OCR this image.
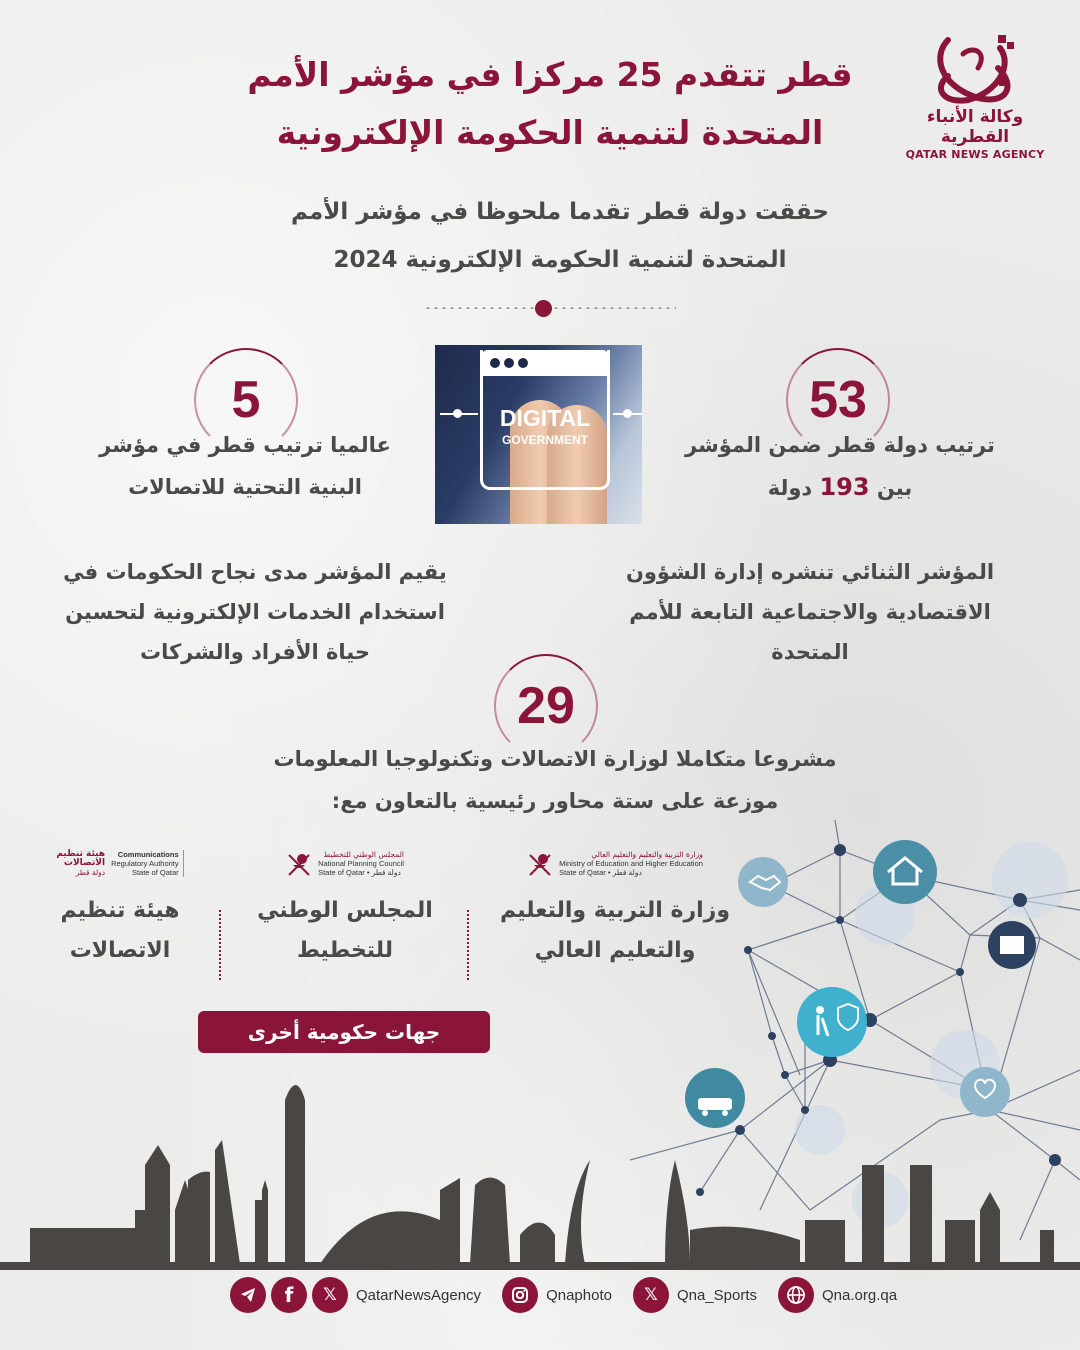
وكالة الأنباء القطرية
QATAR NEWS AGENCY
قطر تتقدم 25 مركزا في مؤشر الأمم
المتحدة لتنمية الحكومة الإلكترونية
حققت دولة قطر تقدما ملحوظا في مؤشر الأمم
المتحدة لتنمية الحكومة الإلكترونية 2024
53
ترتيب دولة قطر ضمن المؤشر
بين 193 دولة
DIGITAL
GOVERNMENT
5
عالميا ترتيب قطر في مؤشر
البنية التحتية للاتصالات
المؤشر الثنائي تنشره إدارة الشؤون
الاقتصادية والاجتماعية التابعة للأمم
المتحدة
يقيم المؤشر مدى نجاح الحكومات في
استخدام الخدمات الإلكترونية لتحسين
حياة الأفراد والشركات
29
مشروعا متكاملا لوزارة الاتصالات وتكنولوجيا المعلومات
موزعة على ستة محاور رئيسية بالتعاون مع:
وزارة التربية والتعليم والتعليم العالي
Ministry of Education and Higher Education
State of Qatar • دولة قطر
وزارة التربية والتعليم
والتعليم العالي
المجلس الوطني للتخطيط
National Planning Council
State of Qatar • دولة قطر
المجلس الوطني
للتخطيط
Communications
Regulatory Authority
State of Qatar
هيئة تنظيم
الاتصالات
دولة قطر
هيئة تنظيم
الاتصالات
جهات حكومية أخرى
f	𝕏	QatarNewsAgency	Qnaphoto	𝕏	Qna_Sports	Qna.org.qa
